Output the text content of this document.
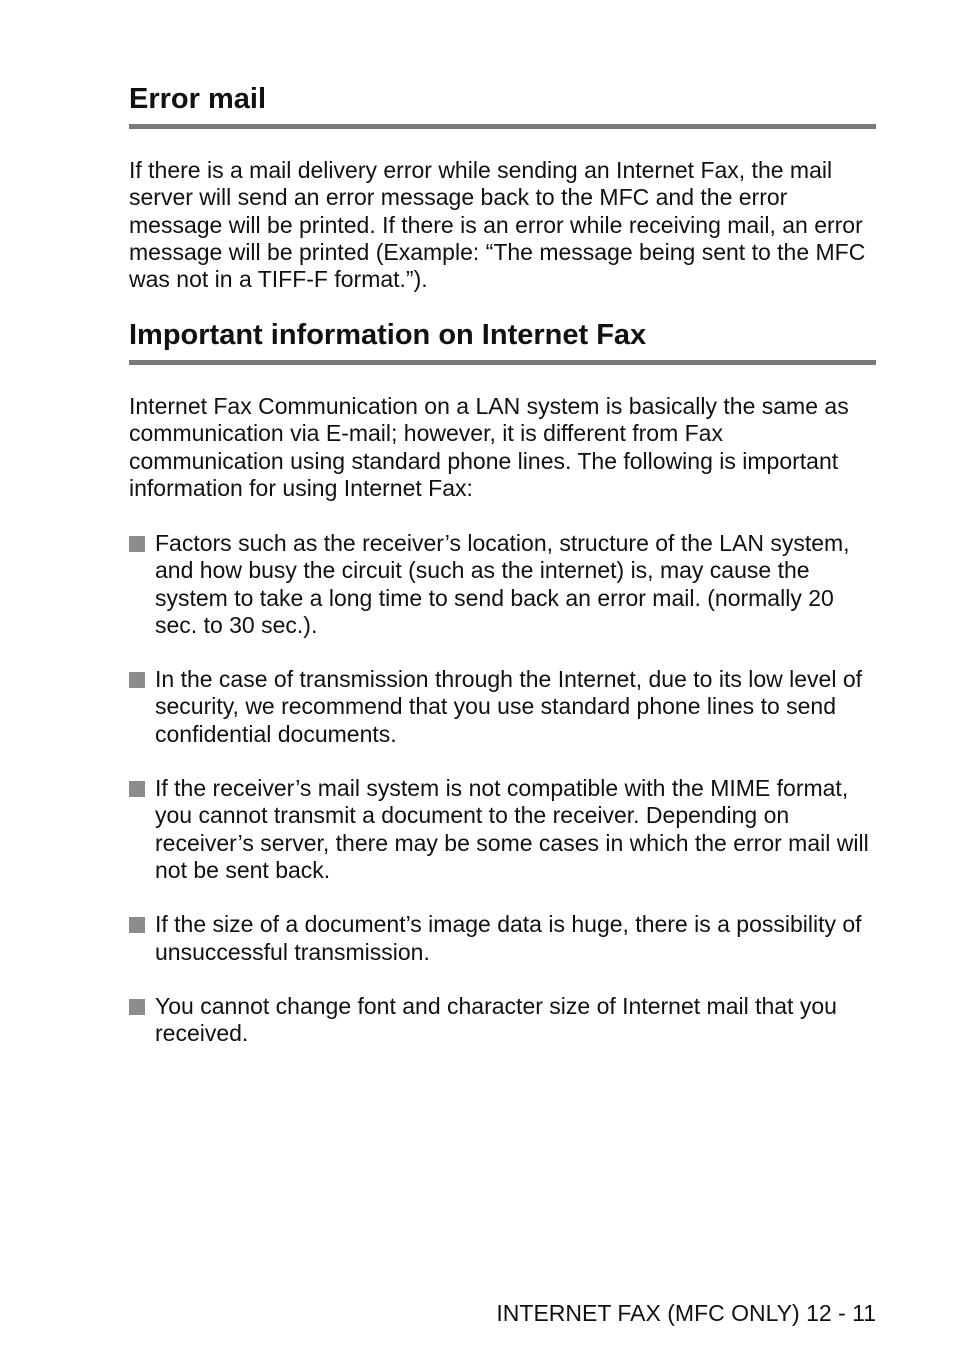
Error mail

If there is a mail delivery error while sending an Internet Fax, the mail server will send an error message back to the MFC and the error message will be printed. If there is an error while receiving mail, an error message will be printed (Example: “The message being sent to the MFC was not in a TIFF-F format.”).

Important information on Internet Fax

Internet Fax Communication on a LAN system is basically the same as communication via E-mail; however, it is different from Fax communication using standard phone lines. The following is important information for using Internet Fax:

Factors such as the receiver’s location, structure of the LAN system, and how busy the circuit (such as the internet) is, may cause the system to take a long time to send back an error mail. (normally 20 sec. to 30 sec.).
In the case of transmission through the Internet, due to its low level of security, we recommend that you use standard phone lines to send confidential documents.
If the receiver’s mail system is not compatible with the MIME format, you cannot transmit a document to the receiver. Depending on receiver’s server, there may be some cases in which the error mail will not be sent back.
If the size of a document’s image data is huge, there is a possibility of unsuccessful transmission.
You cannot change font and character size of Internet mail that you received.
INTERNET FAX (MFC ONLY) 12 - 11
